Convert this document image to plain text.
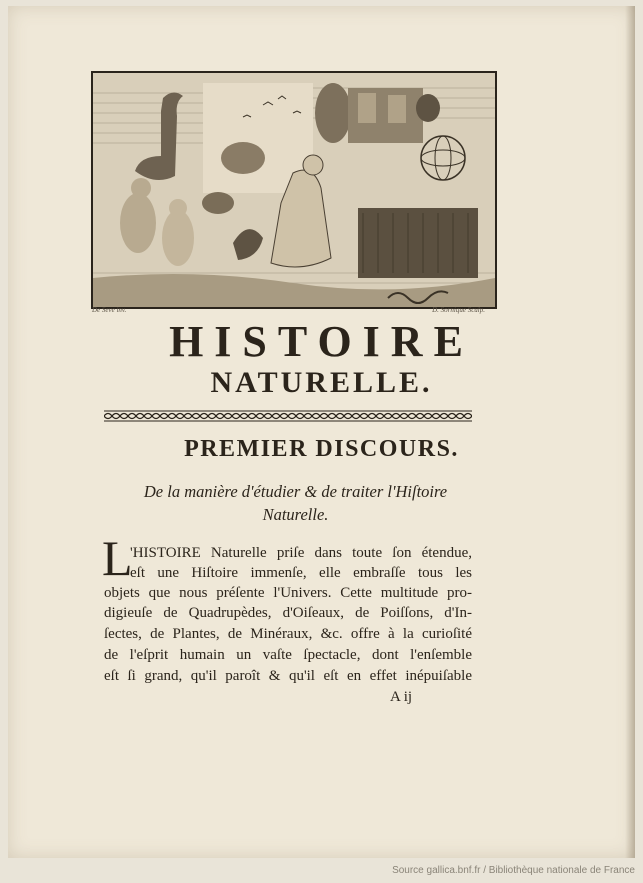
De Seve inv.	D. Sornique Sculp.
HISTOIRE
NATURELLE.
PREMIER DISCOURS.

De la manière d'étudier & de traiter l'Hiſtoire
Naturelle.

L
'HISTOIRE Naturelle priſe dans toute ſon étendue,
eſt une Hiſtoire immenſe, elle embraſſe tous les
objets que nous préſente l'Univers. Cette multitude pro-
digieuſe de Quadrupèdes, d'Oiſeaux, de Poiſſons, d'In-
ſectes, de Plantes, de Minéraux, &c. offre à la curioſité
de l'eſprit humain un vaſte ſpectacle, dont l'enſemble
eſt ſi grand, qu'il paroît & qu'il eſt en effet inépuiſable
A ij
Source gallica.bnf.fr / Bibliothèque nationale de France
